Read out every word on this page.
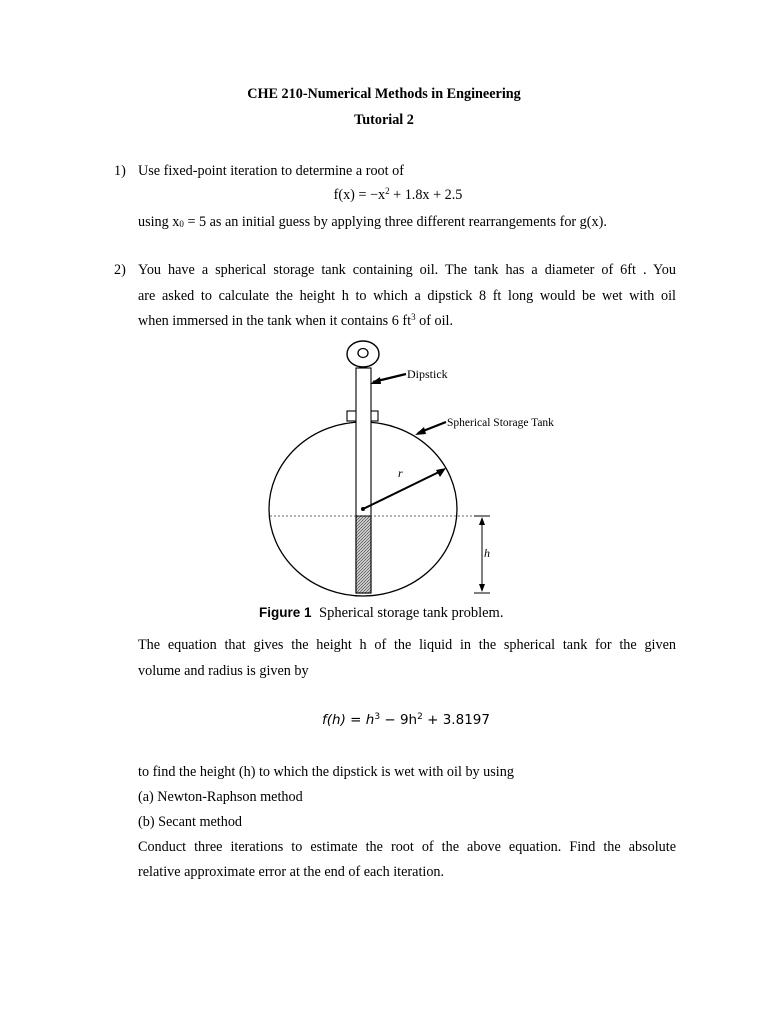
CHE 210-Numerical Methods in Engineering
Tutorial 2
1) Use fixed-point iteration to determine a root of
$f(x) = -x^2 + 1.8x + 2.5$
using $x_0 = 5$ as an initial guess by applying three different rearrangements for g(x).
2) You have a spherical storage tank containing oil. The tank has a diameter of 6ft . You
are asked to calculate the height h to which a dipstick 8 ft long would be wet with oil
when immersed in the tank when it contains 6 $ft^3$ of oil.
r
h
Dipstick
Spherical Storage Tank
Figure 1 Spherical storage tank problem.
The equation that gives the height h of the liquid in the spherical tank for the given
volume and radius is given by
$f(h) = h^3 - 9h^2 + 3.8197$
to find the height (h) to which the dipstick is wet with oil by using
(a) Newton-Raphson method
(b) Secant method
Conduct three iterations to estimate the root of the above equation. Find the absolute
relative approximate error at the end of each iteration.
